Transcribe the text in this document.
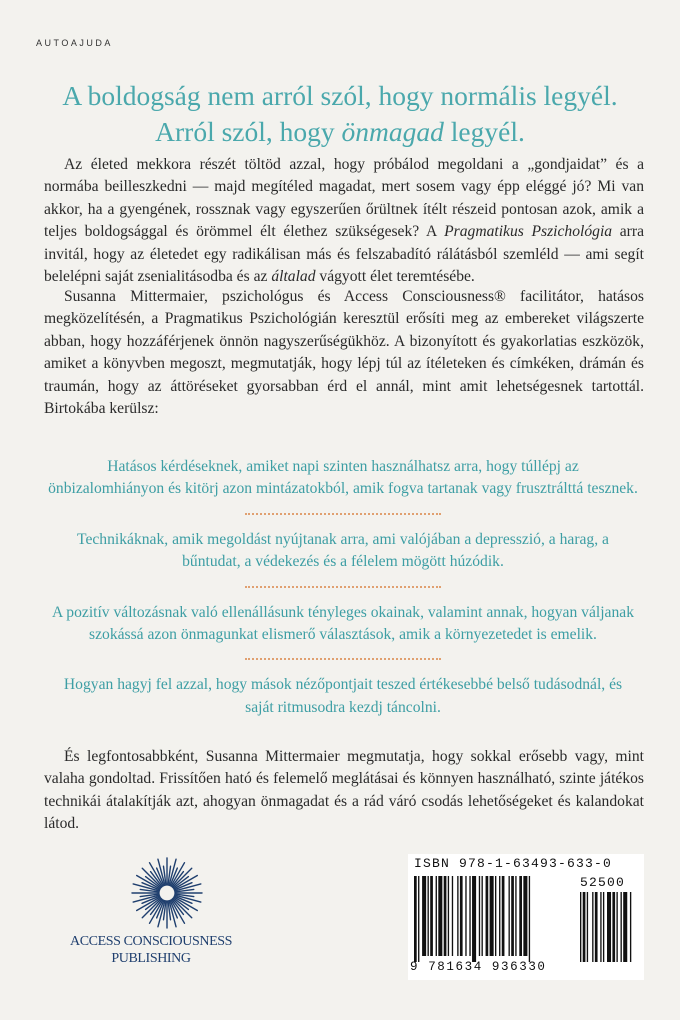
AUTOAJUDA
A boldogság nem arról szól, hogy normális legyél.
Arról szól, hogy önmagad legyél.
Az életed mekkora részét töltöd azzal, hogy próbálod megoldani a „gondjaidat” és a normába beilleszkedni — majd megítéled magadat, mert sosem vagy épp eléggé jó? Mi van akkor, ha a gyengének, rossznak vagy egyszerűen őrültnek ítélt részeid pontosan azok, amik a teljes boldogsággal és örömmel élt élethez szükségesek? A Pragmatikus Pszichológia arra invitál, hogy az életedet egy radikálisan más és felszabadító rálátásból szemléld — ami segít belelépni saját zsenialitásodba és az általad vágyott élet teremtésébe.
Susanna Mittermaier, pszichológus és Access Consciousness® facilitátor, hatásos megközelítésén, a Pragmatikus Pszichológián keresztül erősíti meg az embereket világszerte abban, hogy hozzáférjenek önnön nagyszerűségükhöz. A bizonyított és gyakorlatias eszközök, amiket a könyvben megoszt, megmutatják, hogy lépj túl az ítéleteken és címkéken, drámán és traumán, hogy az áttöréseket gyorsabban érd el annál, mint amit lehetségesnek tartottál. Birtokába kerülsz:

Hatásos kérdéseknek, amiket napi szinten használhatsz arra, hogy túllépj az önbizalomhiányon és kitörj azon mintázatokból, amik fogva tartanak vagy frusztrálttá tesznek.

Technikáknak, amik megoldást nyújtanak arra, ami valójában a depresszió, a harag, a bűntudat, a védekezés és a félelem mögött húzódik.

A pozitív változásnak való ellenállásunk tényleges okainak, valamint annak, hogyan váljanak szokássá azon önmagunkat elismerő választások, amik a környezetedet is emelik.

Hogyan hagyj fel azzal, hogy mások nézőpontjait teszed értékesebbé belső tudásodnál, és saját ritmusodra kezdj táncolni.

És legfontosabbként, Susanna Mittermaier megmutatja, hogy sokkal erősebb vagy, mint valaha gondoltad. Frissítően ható és felemelő meglátásai és könnyen használható, szinte játékos technikái átalakítják azt, ahogyan önmagadat és a rád váró csodás lehetőségeket és kalandokat látod.
ACCESS CONSCIOUSNESS
PUBLISHING
ISBN 978-1-63493-633-0
52500
9 781634 936330
